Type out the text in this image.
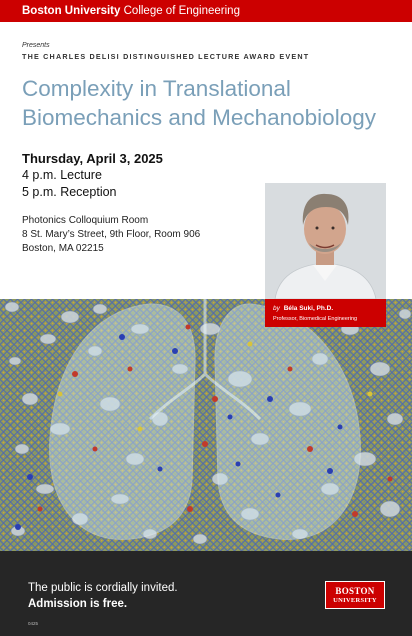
Boston University College of Engineering
Presents
THE CHARLES DELISI DISTINGUISHED LECTURE AWARD EVENT
Complexity in Translational
Biomechanics and Mechanobiology
Thursday, April 3, 2025
4 p.m. Lecture
5 p.m. Reception
Photonics Colloquium Room
8 St. Mary’s Street, 9th Floor, Room 906
Boston, MA 02215
by Béla Suki, Ph.D.
Professor, Biomedical Engineering
The public is cordially invited.
Admission is free.
0425
BOSTON
UNIVERSITY
